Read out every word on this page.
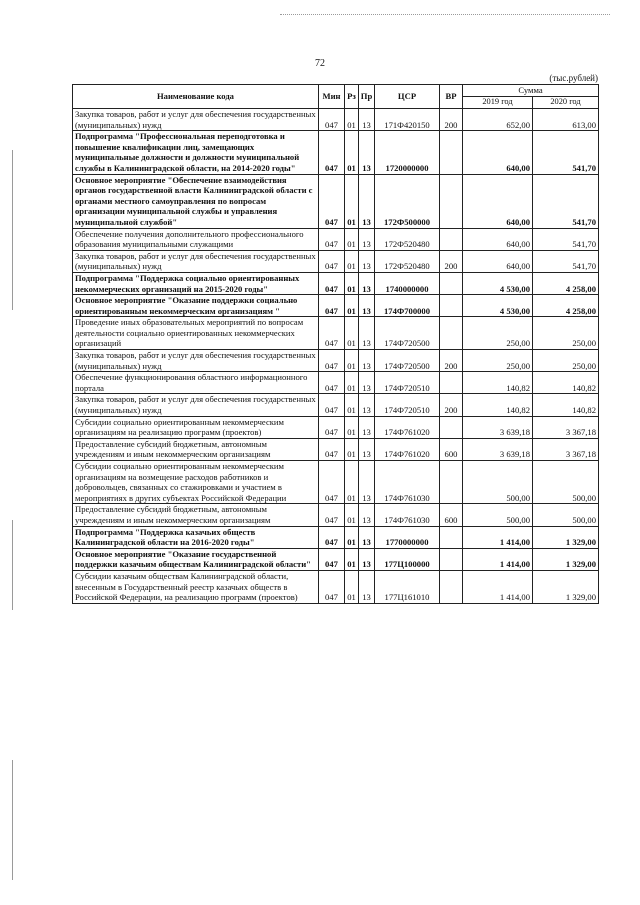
72
(тыс.рублей)
Наименование кода	Мин	Рз	Пр	ЦСР	ВР	Сумма	
						2019 год	2020 год
Закупка товаров, работ и услуг для обеспечения государственных (муниципальных) нужд	047	01	13	171Ф420150	200	652,00	613,00
Подпрограмма "Профессиональная переподготовка и повышение квалификации лиц, замещающих муниципальные должности и должности муниципальной службы в Калининградской области, на 2014-2020 годы"	047	01	13	1720000000		640,00	541,70
Основное мероприятие "Обеспечение взаимодействия органов государственной власти Калининградской области с органами местного самоуправления по вопросам организации муниципальной службы и управления муниципальной службой"	047	01	13	172Ф500000		640,00	541,70
Обеспечение получения дополнительного профессионального образования муниципальными служащими	047	01	13	172Ф520480		640,00	541,70
Закупка товаров, работ и услуг для обеспечения государственных (муниципальных) нужд	047	01	13	172Ф520480	200	640,00	541,70
Подпрограмма "Поддержка социально ориентированных некоммерческих организаций на 2015-2020 годы"	047	01	13	1740000000		4 530,00	4 258,00
Основное мероприятие "Оказание поддержки социально ориентированным некоммерческим организациям "	047	01	13	174Ф700000		4 530,00	4 258,00
Проведение иных образовательных мероприятий по вопросам деятельности социально ориентированных некоммерческих организаций	047	01	13	174Ф720500		250,00	250,00
Закупка товаров, работ и услуг для обеспечения государственных (муниципальных) нужд	047	01	13	174Ф720500	200	250,00	250,00
Обеспечение функционирования областного информационного портала	047	01	13	174Ф720510		140,82	140,82
Закупка товаров, работ и услуг для обеспечения государственных (муниципальных) нужд	047	01	13	174Ф720510	200	140,82	140,82
Субсидии социально ориентированным некоммерческим организациям на реализацию программ (проектов)	047	01	13	174Ф761020		3 639,18	3 367,18
Предоставление субсидий бюджетным, автономным учреждениям и иным некоммерческим организациям	047	01	13	174Ф761020	600	3 639,18	3 367,18
Субсидии социально ориентированным некоммерческим организациям на возмещение расходов работников и добровольцев, связанных со стажировками и участием в мероприятиях в других субъектах Российской Федерации	047	01	13	174Ф761030		500,00	500,00
Предоставление субсидий бюджетным, автономным учреждениям и иным некоммерческим организациям	047	01	13	174Ф761030	600	500,00	500,00
Подпрограмма "Поддержка казачьих обществ Калининградской области на 2016-2020 годы"	047	01	13	1770000000		1 414,00	1 329,00
Основное мероприятие "Оказание государственной поддержки казачьим обществам Калининградской области"	047	01	13	177Ц100000		1 414,00	1 329,00
Субсидии казачьим обществам Калининградской области, внесенным в Государственный реестр казачьих обществ в Российской Федерации, на реализацию программ (проектов)	047	01	13	177Ц161010		1 414,00	1 329,00
